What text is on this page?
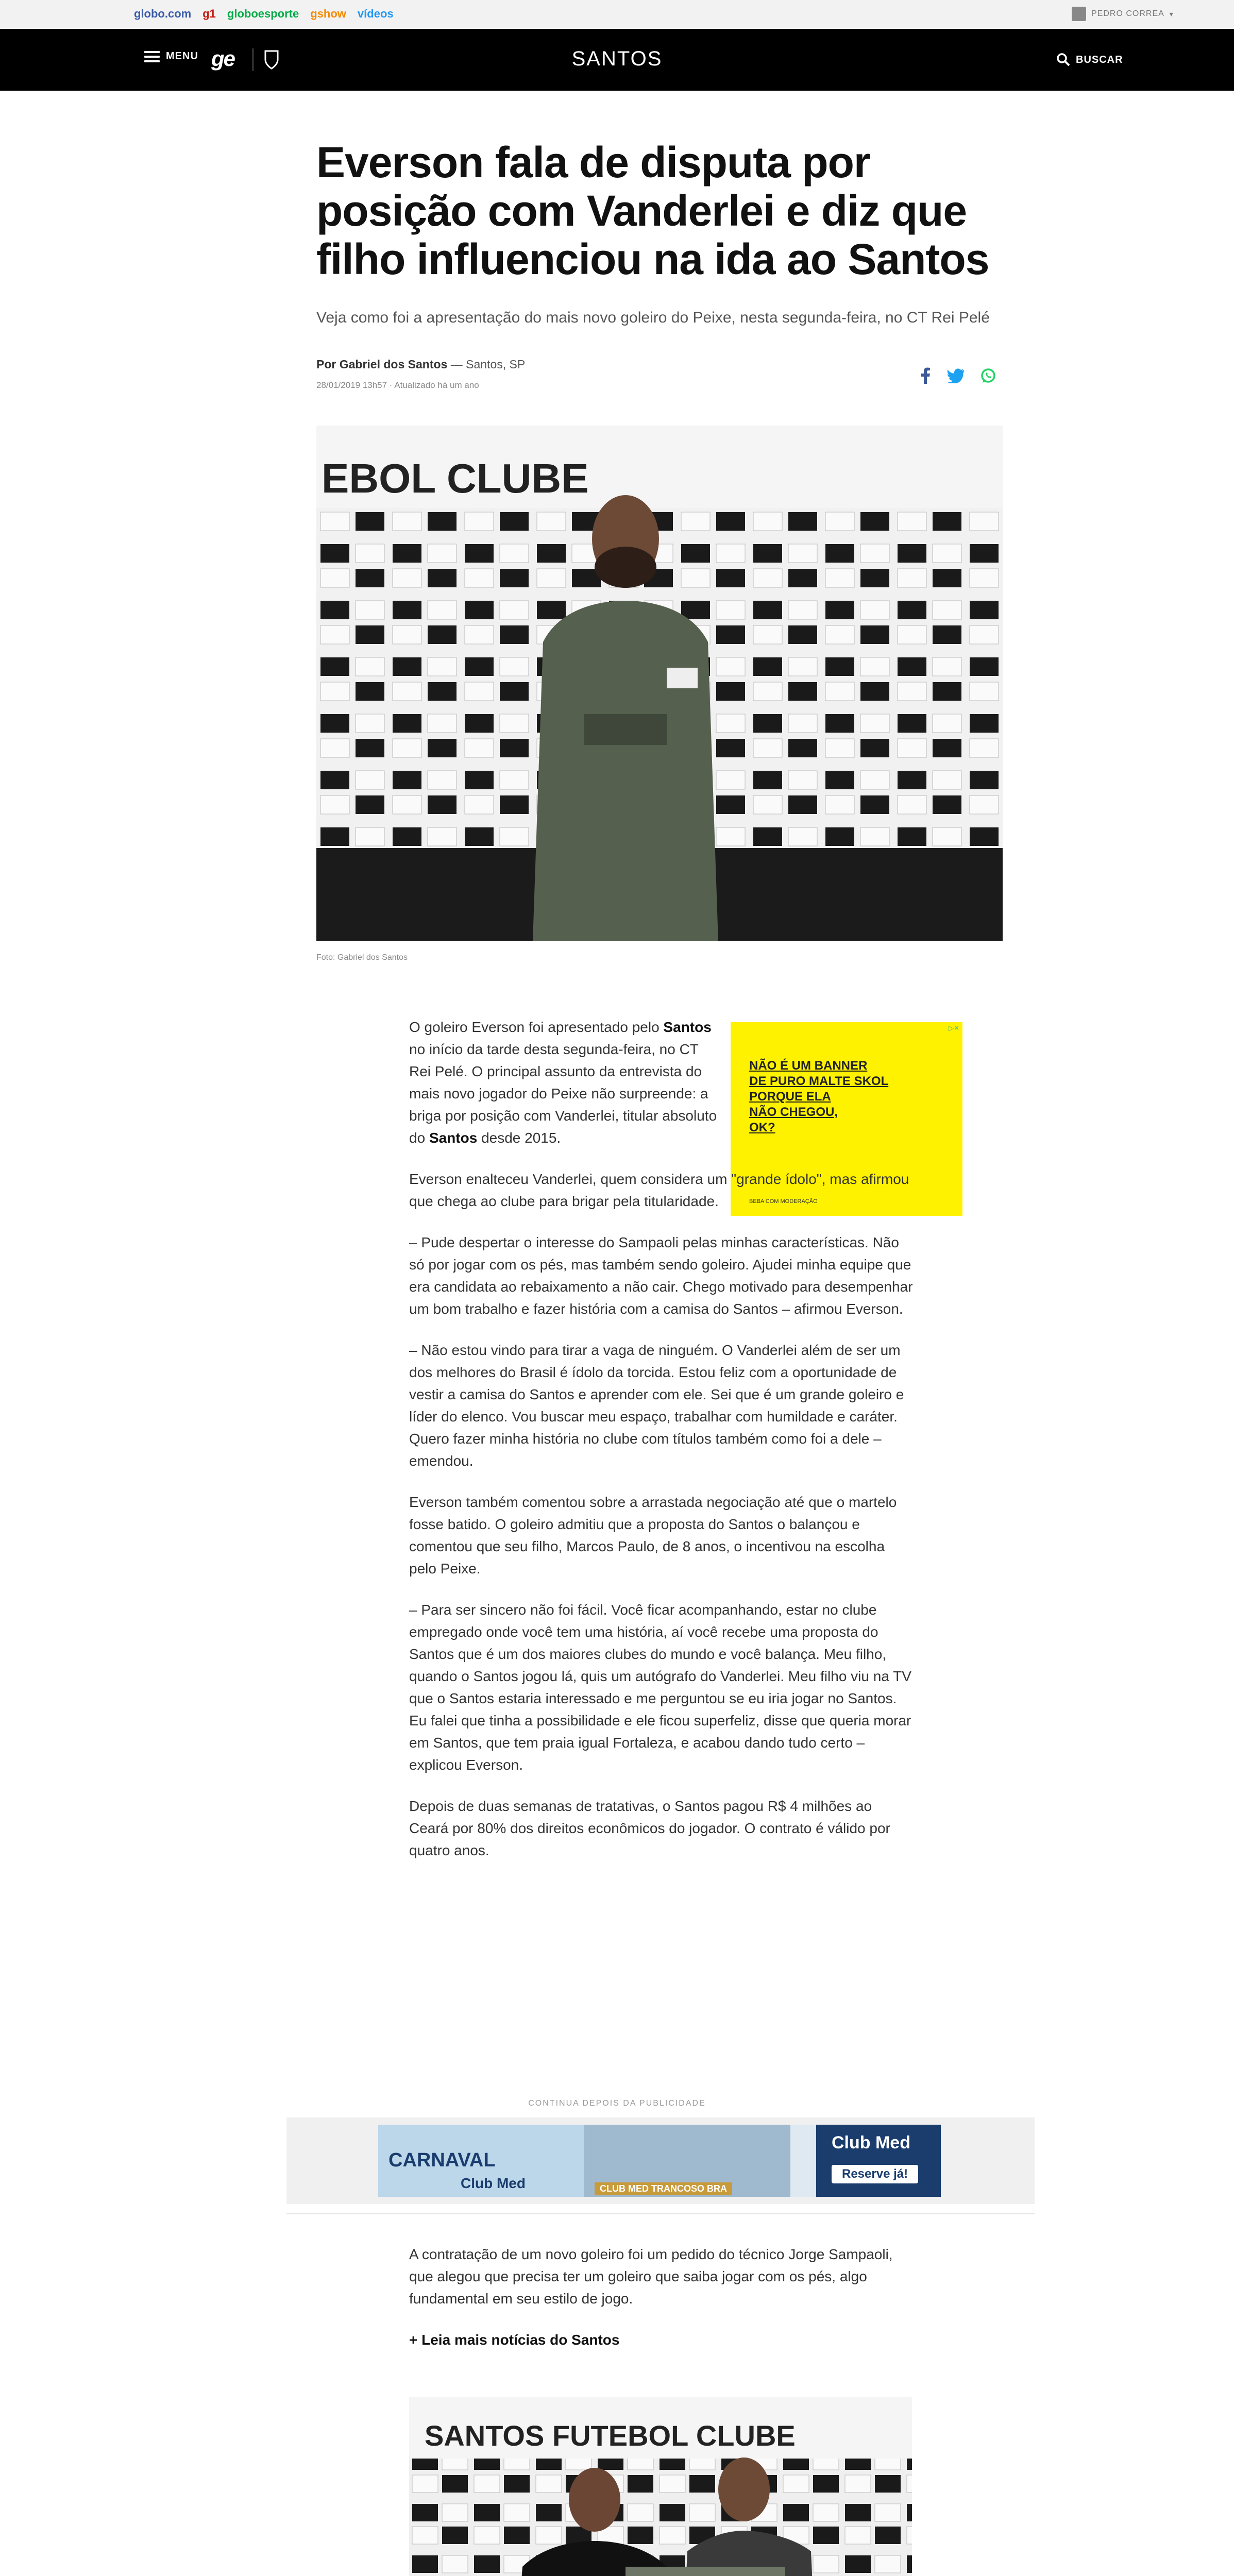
globo.com g1 globoesporte gshow vídeos	PEDRO CORREA ▾
MENU ge	SANTOS	BUSCAR
Everson fala de disputa por posição com Vanderlei e diz que filho influenciou na ida ao Santos
Veja como foi a apresentação do mais novo goleiro do Peixe, nesta segunda-feira, no CT Rei Pelé
Por Gabriel dos Santos — Santos, SP
28/01/2019 13h57 · Atualizado há um ano
EBOL CLUBE
Foto: Gabriel dos Santos
▷✕
NÃO É UM BANNER
DE PURO MALTE SKOL
PORQUE ELA
NÃO CHEGOU,
OK?
BEBA COM MODERAÇÃO

O goleiro Everson foi apresentado pelo Santos no início da tarde desta segunda-feira, no CT Rei Pelé. O principal assunto da entrevista do mais novo jogador do Peixe não surpreende: a briga por posição com Vanderlei, titular absoluto do Santos desde 2015.

Everson enalteceu Vanderlei, quem considera um "grande ídolo", mas afirmou que chega ao clube para brigar pela titularidade.

– Pude despertar o interesse do Sampaoli pelas minhas características. Não só por jogar com os pés, mas também sendo goleiro. Ajudei minha equipe que era candidata ao rebaixamento a não cair. Chego motivado para desempenhar um bom trabalho e fazer história com a camisa do Santos – afirmou Everson.

– Não estou vindo para tirar a vaga de ninguém. O Vanderlei além de ser um dos melhores do Brasil é ídolo da torcida. Estou feliz com a oportunidade de vestir a camisa do Santos e aprender com ele. Sei que é um grande goleiro e líder do elenco. Vou buscar meu espaço, trabalhar com humildade e caráter. Quero fazer minha história no clube com títulos também como foi a dele – emendou.

Everson também comentou sobre a arrastada negociação até que o martelo fosse batido. O goleiro admitiu que a proposta do Santos o balançou e comentou que seu filho, Marcos Paulo, de 8 anos, o incentivou na escolha pelo Peixe.

– Para ser sincero não foi fácil. Você ficar acompanhando, estar no clube empregado onde você tem uma história, aí você recebe uma proposta do Santos que é um dos maiores clubes do mundo e você balança. Meu filho, quando o Santos jogou lá, quis um autógrafo do Vanderlei. Meu filho viu na TV que o Santos estaria interessado e me perguntou se eu iria jogar no Santos. Eu falei que tinha a possibilidade e ele ficou superfeliz, disse que queria morar em Santos, que tem praia igual Fortaleza, e acabou dando tudo certo – explicou Everson.

Depois de duas semanas de tratativas, o Santos pagou R$ 4 milhões ao Ceará por 80% dos direitos econômicos do jogador. O contrato é válido por quatro anos.

CONTINUA DEPOIS DA PUBLICIDADE
CARNAVAL
Club Med	CLUB MED TRANCOSO BRA
Club Med
Reserve já!

A contratação de um novo goleiro foi um pedido do técnico Jorge Sampaoli, que alegou que precisa ter um goleiro que saiba jogar com os pés, algo fundamental em seu estilo de jogo.

+ Leia mais notícias do Santos

SANTOS FUTEBOL CLUBE
